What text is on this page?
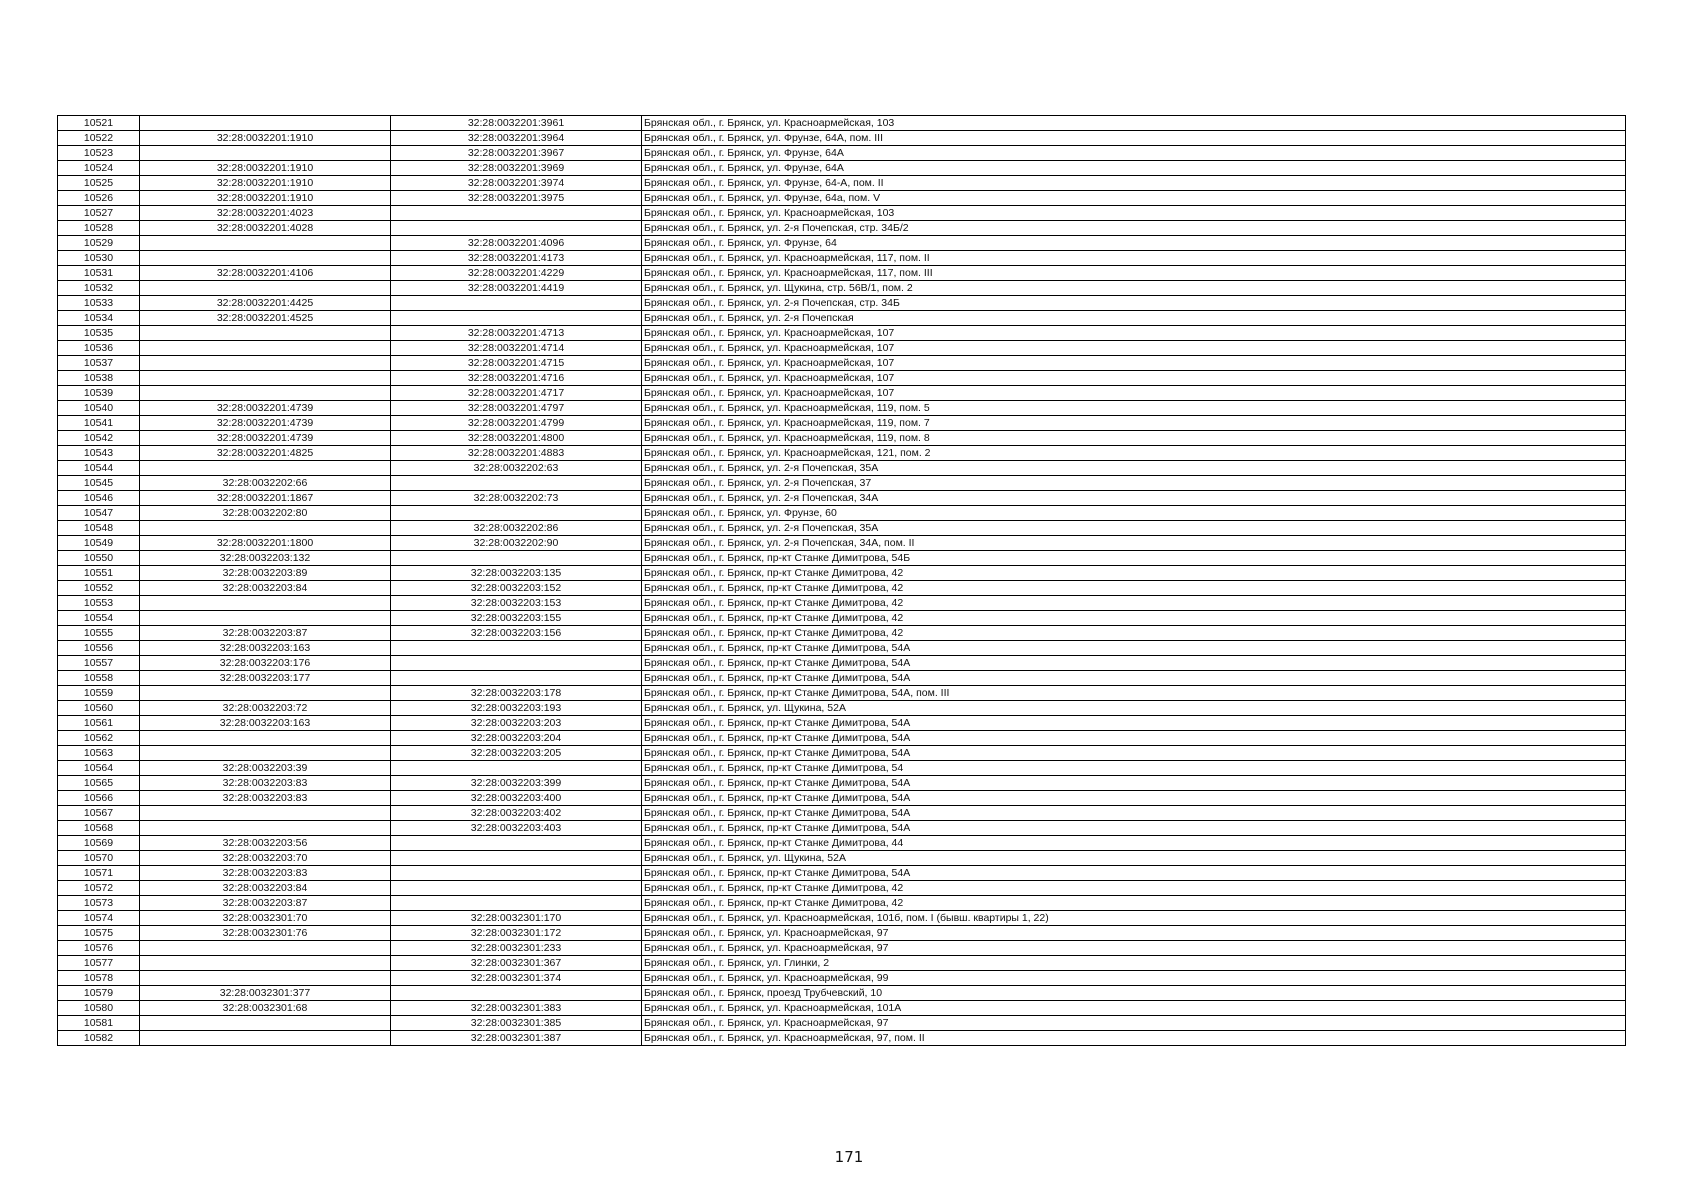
10521		32:28:0032201:3961	Брянская обл., г. Брянск, ул. Красноармейская, 103
10522	32:28:0032201:1910	32:28:0032201:3964	Брянская обл., г. Брянск, ул. Фрунзе, 64А, пом. III
10523		32:28:0032201:3967	Брянская обл., г. Брянск, ул. Фрунзе, 64А
10524	32:28:0032201:1910	32:28:0032201:3969	Брянская обл., г. Брянск, ул. Фрунзе, 64А
10525	32:28:0032201:1910	32:28:0032201:3974	Брянская обл., г. Брянск, ул. Фрунзе, 64-А, пом. II
10526	32:28:0032201:1910	32:28:0032201:3975	Брянская обл., г. Брянск, ул. Фрунзе, 64а, пом. V
10527	32:28:0032201:4023		Брянская обл., г. Брянск, ул. Красноармейская, 103
10528	32:28:0032201:4028		Брянская обл., г. Брянск, ул. 2-я Почепская, стр. 34Б/2
10529		32:28:0032201:4096	Брянская обл., г. Брянск, ул. Фрунзе, 64
10530		32:28:0032201:4173	Брянская обл., г. Брянск, ул. Красноармейская, 117, пом. II
10531	32:28:0032201:4106	32:28:0032201:4229	Брянская обл., г. Брянск, ул. Красноармейская, 117, пом. III
10532		32:28:0032201:4419	Брянская обл., г. Брянск, ул. Щукина, стр. 56В/1, пом. 2
10533	32:28:0032201:4425		Брянская обл., г. Брянск, ул. 2-я Почепская, стр. 34Б
10534	32:28:0032201:4525		Брянская обл., г. Брянск, ул. 2-я Почепская
10535		32:28:0032201:4713	Брянская обл., г. Брянск, ул. Красноармейская, 107
10536		32:28:0032201:4714	Брянская обл., г. Брянск, ул. Красноармейская, 107
10537		32:28:0032201:4715	Брянская обл., г. Брянск, ул. Красноармейская, 107
10538		32:28:0032201:4716	Брянская обл., г. Брянск, ул. Красноармейская, 107
10539		32:28:0032201:4717	Брянская обл., г. Брянск, ул. Красноармейская, 107
10540	32:28:0032201:4739	32:28:0032201:4797	Брянская обл., г. Брянск, ул. Красноармейская, 119, пом. 5
10541	32:28:0032201:4739	32:28:0032201:4799	Брянская обл., г. Брянск, ул. Красноармейская, 119, пом. 7
10542	32:28:0032201:4739	32:28:0032201:4800	Брянская обл., г. Брянск, ул. Красноармейская, 119, пом. 8
10543	32:28:0032201:4825	32:28:0032201:4883	Брянская обл., г. Брянск, ул. Красноармейская, 121, пом. 2
10544		32:28:0032202:63	Брянская обл., г. Брянск, ул. 2-я Почепская, 35А
10545	32:28:0032202:66		Брянская обл., г. Брянск, ул. 2-я Почепская, 37
10546	32:28:0032201:1867	32:28:0032202:73	Брянская обл., г. Брянск, ул. 2-я Почепская, 34А
10547	32:28:0032202:80		Брянская обл., г. Брянск, ул. Фрунзе, 60
10548		32:28:0032202:86	Брянская обл., г. Брянск, ул. 2-я Почепская, 35А
10549	32:28:0032201:1800	32:28:0032202:90	Брянская обл., г. Брянск, ул. 2-я Почепская, 34А, пом. II
10550	32:28:0032203:132		Брянская обл., г. Брянск, пр-кт Станке Димитрова, 54Б
10551	32:28:0032203:89	32:28:0032203:135	Брянская обл., г. Брянск, пр-кт Станке Димитрова, 42
10552	32:28:0032203:84	32:28:0032203:152	Брянская обл., г. Брянск, пр-кт Станке Димитрова, 42
10553		32:28:0032203:153	Брянская обл., г. Брянск, пр-кт Станке Димитрова, 42
10554		32:28:0032203:155	Брянская обл., г. Брянск, пр-кт Станке Димитрова, 42
10555	32:28:0032203:87	32:28:0032203:156	Брянская обл., г. Брянск, пр-кт Станке Димитрова, 42
10556	32:28:0032203:163		Брянская обл., г. Брянск, пр-кт Станке Димитрова, 54А
10557	32:28:0032203:176		Брянская обл., г. Брянск, пр-кт Станке Димитрова, 54А
10558	32:28:0032203:177		Брянская обл., г. Брянск, пр-кт Станке Димитрова, 54А
10559		32:28:0032203:178	Брянская обл., г. Брянск, пр-кт Станке Димитрова, 54А, пом. III
10560	32:28:0032203:72	32:28:0032203:193	Брянская обл., г. Брянск, ул. Щукина, 52А
10561	32:28:0032203:163	32:28:0032203:203	Брянская обл., г. Брянск, пр-кт Станке Димитрова, 54А
10562		32:28:0032203:204	Брянская обл., г. Брянск, пр-кт Станке Димитрова, 54А
10563		32:28:0032203:205	Брянская обл., г. Брянск, пр-кт Станке Димитрова, 54А
10564	32:28:0032203:39		Брянская обл., г. Брянск, пр-кт Станке Димитрова, 54
10565	32:28:0032203:83	32:28:0032203:399	Брянская обл., г. Брянск, пр-кт Станке Димитрова, 54А
10566	32:28:0032203:83	32:28:0032203:400	Брянская обл., г. Брянск, пр-кт Станке Димитрова, 54А
10567		32:28:0032203:402	Брянская обл., г. Брянск, пр-кт Станке Димитрова, 54А
10568		32:28:0032203:403	Брянская обл., г. Брянск, пр-кт Станке Димитрова, 54А
10569	32:28:0032203:56		Брянская обл., г. Брянск, пр-кт Станке Димитрова, 44
10570	32:28:0032203:70		Брянская обл., г. Брянск, ул. Щукина, 52А
10571	32:28:0032203:83		Брянская обл., г. Брянск, пр-кт Станке Димитрова, 54А
10572	32:28:0032203:84		Брянская обл., г. Брянск, пр-кт Станке Димитрова, 42
10573	32:28:0032203:87		Брянская обл., г. Брянск, пр-кт Станке Димитрова, 42
10574	32:28:0032301:70	32:28:0032301:170	Брянская обл., г. Брянск, ул. Красноармейская, 101б, пом. I (бывш. квартиры 1, 22)
10575	32:28:0032301:76	32:28:0032301:172	Брянская обл., г. Брянск, ул. Красноармейская, 97
10576		32:28:0032301:233	Брянская обл., г. Брянск, ул. Красноармейская, 97
10577		32:28:0032301:367	Брянская обл., г. Брянск, ул. Глинки, 2
10578		32:28:0032301:374	Брянская обл., г. Брянск, ул. Красноармейская, 99
10579	32:28:0032301:377		Брянская обл., г. Брянск, проезд Трубчевский, 10
10580	32:28:0032301:68	32:28:0032301:383	Брянская обл., г. Брянск, ул. Красноармейская, 101А
10581		32:28:0032301:385	Брянская обл., г. Брянск, ул. Красноармейская, 97
10582		32:28:0032301:387	Брянская обл., г. Брянск, ул. Красноармейская, 97, пом. II
171
